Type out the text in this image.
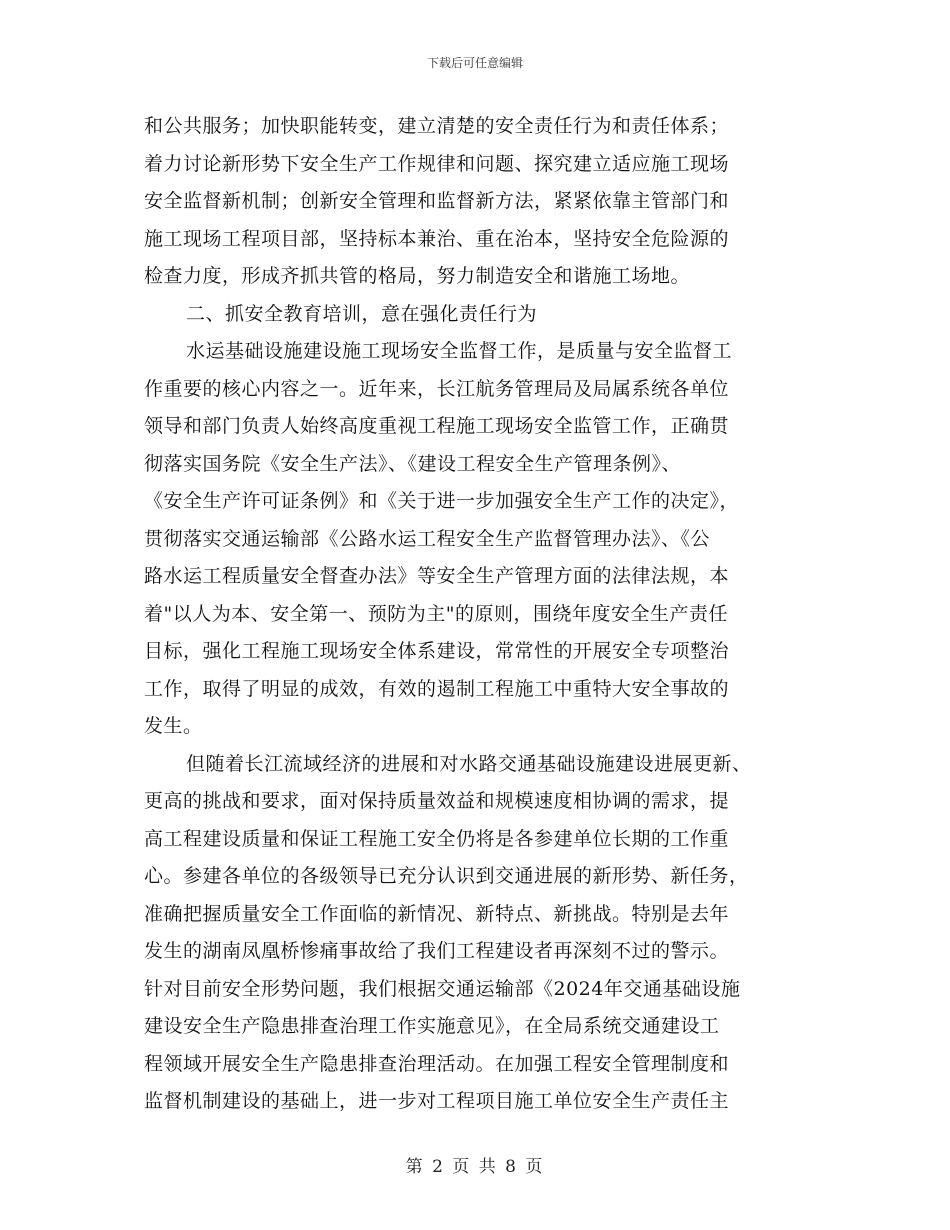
下载后可任意编辑
和公共服务；加快职能转变，建立清楚的安全责任行为和责任体系；
着力讨论新形势下安全生产工作规律和问题、探究建立适应施工现场
安全监督新机制；创新安全管理和监督新方法，紧紧依靠主管部门和
施工现场工程项目部，坚持标本兼治、重在治本，坚持安全危险源的
检查力度，形成齐抓共管的格局，努力制造安全和谐施工场地。
二、抓安全教育培训，意在强化责任行为
水运基础设施建设施工现场安全监督工作，是质量与安全监督工
作重要的核心内容之一。近年来，长江航务管理局及局属系统各单位
领导和部门负责人始终高度重视工程施工现场安全监管工作，正确贯
彻落实国务院《安全生产法》、《建设工程安全生产管理条例》、
《安全生产许可证条例》和《关于进一步加强安全生产工作的决定》，
贯彻落实交通运输部《公路水运工程安全生产监督管理办法》、《公
路水运工程质量安全督查办法》等安全生产管理方面的法律法规，本
着"以人为本、安全第一、预防为主"的原则，围绕年度安全生产责任
目标，强化工程施工现场安全体系建设，常常性的开展安全专项整治
工作，取得了明显的成效，有效的遏制工程施工中重特大安全事故的
发生。
但随着长江流域经济的进展和对水路交通基础设施建设进展更新、
更高的挑战和要求，面对保持质量效益和规模速度相协调的需求，提
高工程建设质量和保证工程施工安全仍将是各参建单位长期的工作重
心。参建各单位的各级领导已充分认识到交通进展的新形势、新任务，
准确把握质量安全工作面临的新情况、新特点、新挑战。特别是去年
发生的湖南凤凰桥惨痛事故给了我们工程建设者再深刻不过的警示。
针对目前安全形势问题，我们根据交通运输部《2024年交通基础设施
建设安全生产隐患排查治理工作实施意见》，在全局系统交通建设工
程领域开展安全生产隐患排查治理活动。在加强工程安全管理制度和
监督机制建设的基础上，进一步对工程项目施工单位安全生产责任主
第 2 页 共 8 页
